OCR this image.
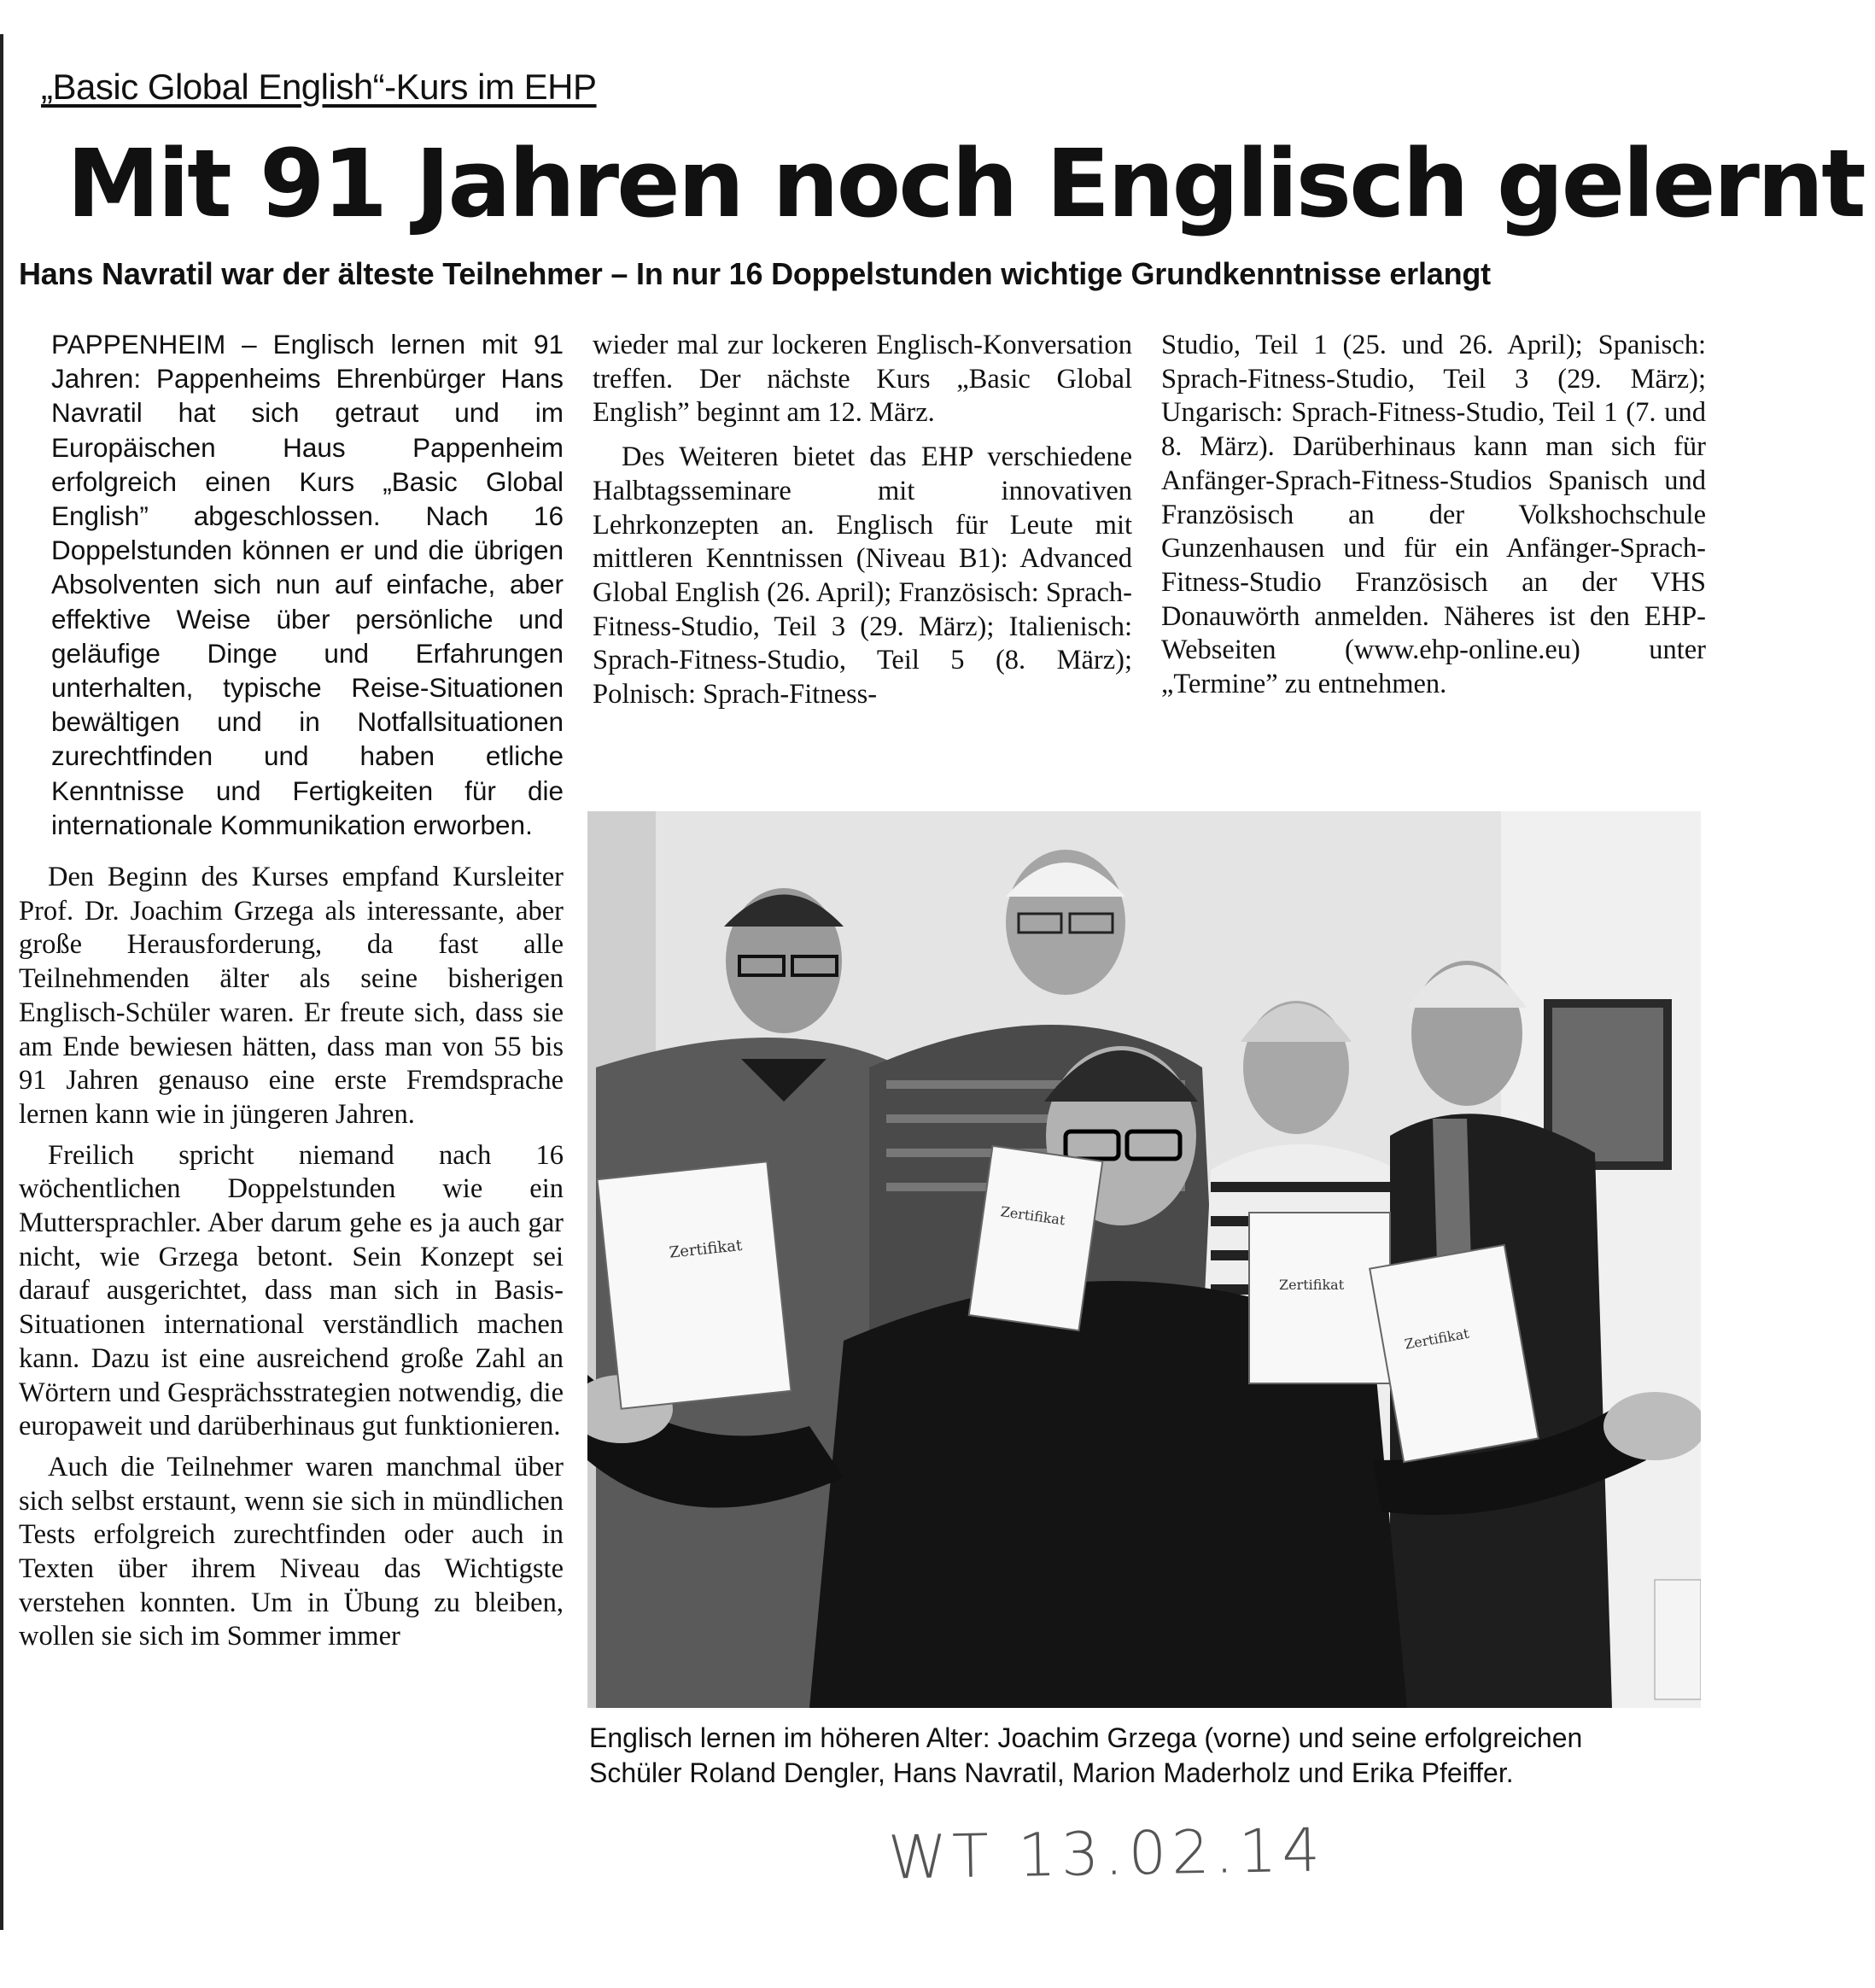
„Basic Global English“-Kurs im EHP
Mit 91 Jahren noch Englisch gelernt
Hans Navratil war der älteste Teilnehmer – In nur 16 Doppelstunden wichtige Grundkenntnisse erlangt

PAPPENHEIM – Englisch lernen mit 91 Jahren: Pappenheims Ehrenbürger Hans Navratil hat sich getraut und im Europäischen Haus Pappenheim erfolgreich einen Kurs „Basic Global English” abgeschlossen. Nach 16 Doppelstunden können er und die übrigen Absolventen sich nun auf einfache, aber effektive Weise über persönliche und geläufige Dinge und Erfahrungen unterhalten, typische Reise-Situationen bewältigen und in Notfallsituationen zurechtfinden und haben etliche Kenntnisse und Fertigkeiten für die internationale Kommunikation erworben.

Den Beginn des Kurses empfand Kursleiter Prof. Dr. Joachim Grzega als interessante, aber große Herausforderung, da fast alle Teilnehmenden älter als seine bisherigen Englisch-Schüler waren. Er freute sich, dass sie am Ende bewiesen hätten, dass man von 55 bis 91 Jahren genauso eine erste Fremdsprache lernen kann wie in jüngeren Jahren.

Freilich spricht niemand nach 16 wöchentlichen Doppelstunden wie ein Muttersprachler. Aber darum gehe es ja auch gar nicht, wie Grzega betont. Sein Konzept sei darauf ausgerichtet, dass man sich in Basis-Situationen international verständlich machen kann. Dazu ist eine ausreichend große Zahl an Wörtern und Gesprächsstrategien notwendig, die europaweit und darüberhinaus gut funktionieren.

Auch die Teilnehmer waren manchmal über sich selbst erstaunt, wenn sie sich in mündlichen Tests erfolgreich zurechtfinden oder auch in Texten über ihrem Niveau das Wichtigste verstehen konnten. Um in Übung zu bleiben, wollen sie sich im Sommer immer

wieder mal zur lockeren Englisch-Konversation treffen. Der nächste Kurs „Basic Global English” beginnt am 12. März.

Des Weiteren bietet das EHP verschiedene Halbtagsseminare mit innovativen Lehrkonzepten an. Englisch für Leute mit mittleren Kenntnissen (Niveau B1): Advanced Global English (26. April); Französisch: Sprach-Fitness-Studio, Teil 3 (29. März); Italienisch: Sprach-Fitness-Studio, Teil 5 (8. März); Polnisch: Sprach-Fitness-

Studio, Teil 1 (25. und 26. April); Spanisch: Sprach-Fitness-Studio, Teil 3 (29. März); Ungarisch: Sprach-Fitness-Studio, Teil 1 (7. und 8. März). Darüberhinaus kann man sich für Anfänger-Sprach-Fitness-Studios Spanisch und Französisch an der Volkshochschule Gunzenhausen und für ein Anfänger-Sprach-Fitness-Studio Französisch an der VHS Donauwörth anmelden. Näheres ist den EHP-Webseiten (www.ehp-online.eu) unter „Termine” zu entnehmen.

Zertifikat
Zertifikat
Zertifikat
Zertifikat

Englisch lernen im höheren Alter: Joachim Grzega (vorne) und seine erfolgreichen

Schüler Roland Dengler, Hans Navratil, Marion Maderholz und Erika Pfeiffer.

WT 13.02.14
